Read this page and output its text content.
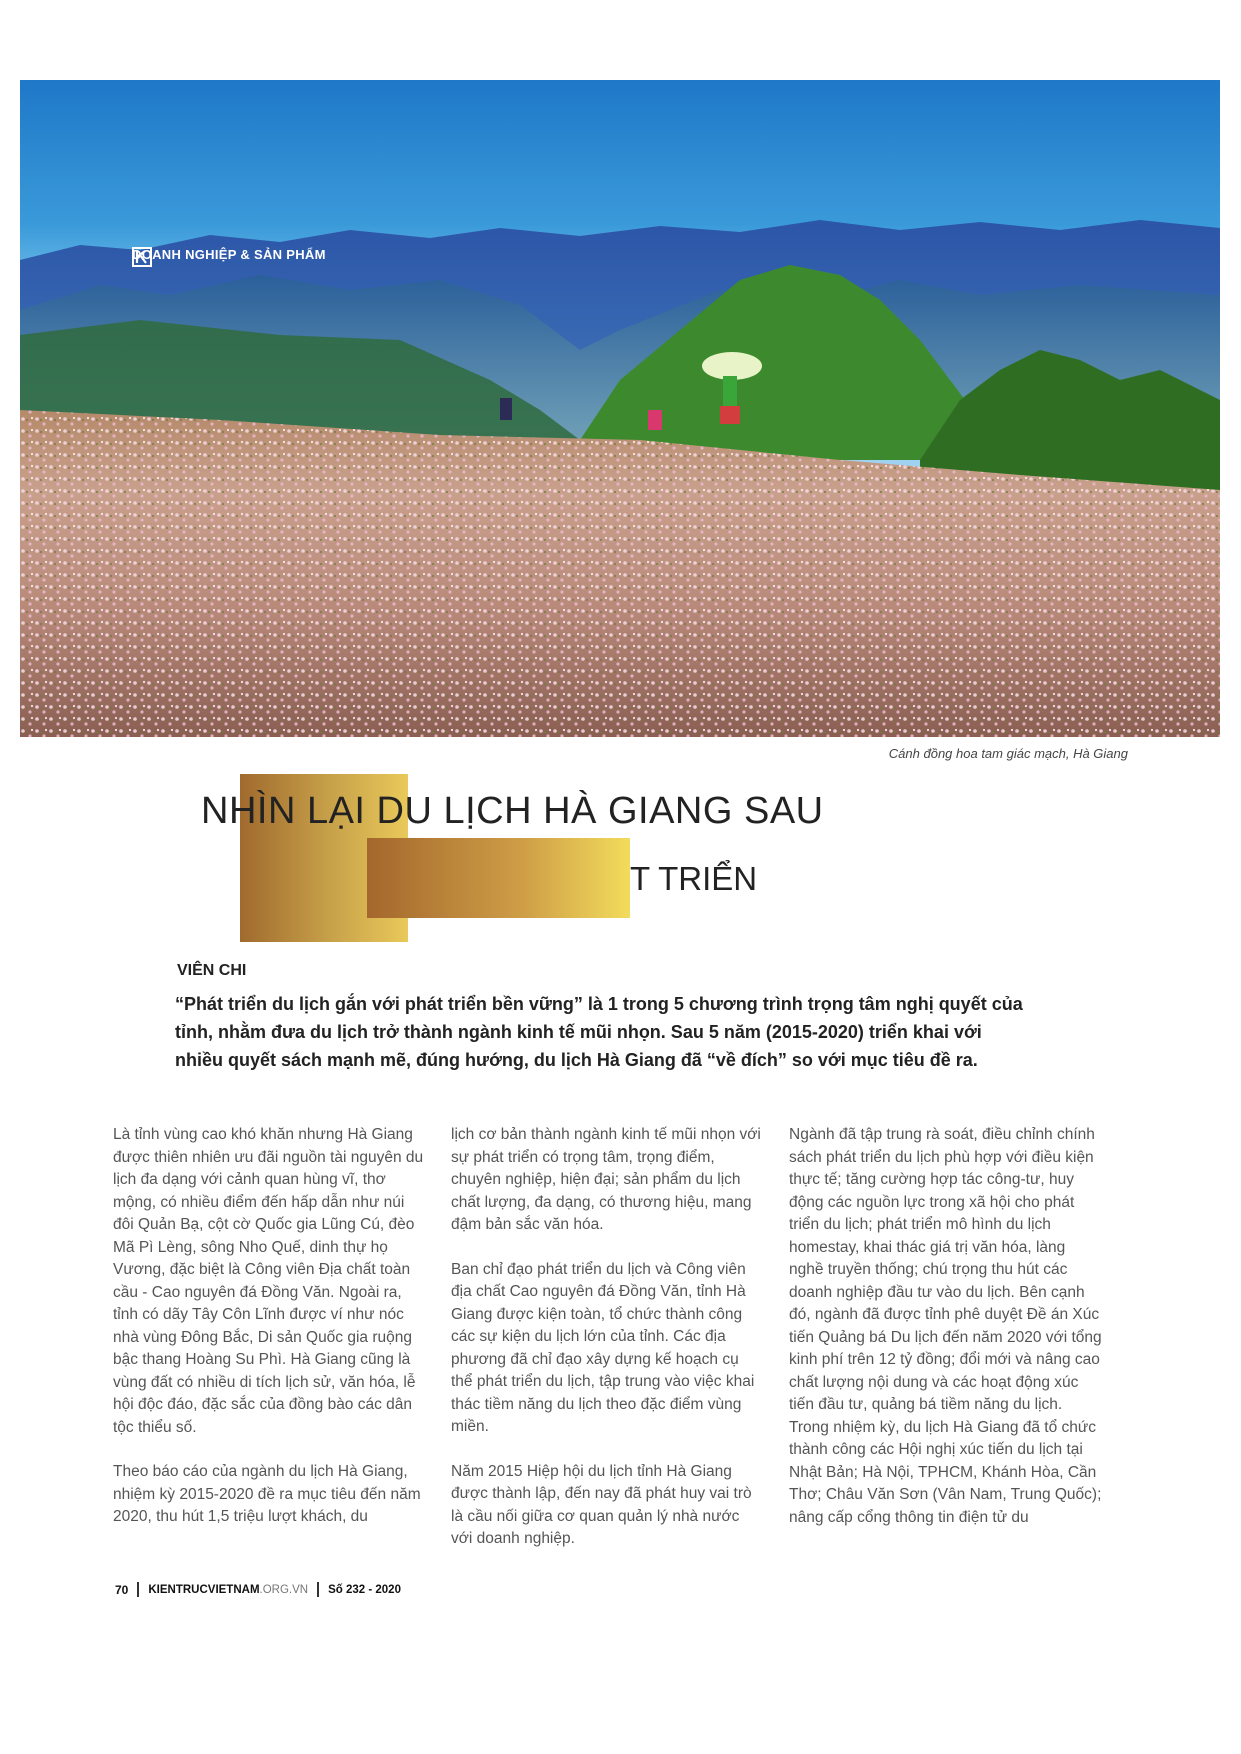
DOANH NGHIỆP & SẢN PHẨM
Cánh đồng hoa tam giác mạch, Hà Giang
NHÌN LẠI DU LỊCH HÀ GIANG SAU
T TRIỂN
VIÊN CHI
“Phát triển du lịch gắn với phát triển bền vững” là 1 trong 5 chương trình trọng tâm nghị quyết của tỉnh, nhằm đưa du lịch trở thành ngành kinh tế mũi nhọn. Sau 5 năm (2015-2020) triển khai với nhiều quyết sách mạnh mẽ, đúng hướng, du lịch Hà Giang đã “về đích” so với mục tiêu đề ra.

Là tỉnh vùng cao khó khăn nhưng Hà Giang được thiên nhiên ưu đãi nguồn tài nguyên du lịch đa dạng với cảnh quan hùng vĩ, thơ mộng, có nhiều điểm đến hấp dẫn như núi đôi Quản Bạ, cột cờ Quốc gia Lũng Cú, đèo Mã Pì Lèng, sông Nho Quế, dinh thự họ Vương, đặc biệt là Công viên Địa chất toàn cầu - Cao nguyên đá Đồng Văn. Ngoài ra, tỉnh có dãy Tây Côn Lĩnh được ví như nóc nhà vùng Đông Bắc, Di sản Quốc gia ruộng bậc thang Hoàng Su Phì. Hà Giang cũng là vùng đất có nhiều di tích lịch sử, văn hóa, lễ hội độc đáo, đặc sắc của đồng bào các dân tộc thiểu số.

Theo báo cáo của ngành du lịch Hà Giang, nhiệm kỳ 2015-2020 đề ra mục tiêu đến năm 2020, thu hút 1,5 triệu lượt khách, du

lịch cơ bản thành ngành kinh tế mũi nhọn với sự phát triển có trọng tâm, trọng điểm, chuyên nghiệp, hiện đại; sản phẩm du lịch chất lượng, đa dạng, có thương hiệu, mang đậm bản sắc văn hóa.

Ban chỉ đạo phát triển du lịch và Công viên địa chất Cao nguyên đá Đồng Văn, tỉnh Hà Giang được kiện toàn, tổ chức thành công các sự kiện du lịch lớn của tỉnh. Các địa phương đã chỉ đạo xây dựng kế hoạch cụ thể phát triển du lịch, tập trung vào việc khai thác tiềm năng du lịch theo đặc điểm vùng miền.

Năm 2015 Hiệp hội du lịch tỉnh Hà Giang được thành lập, đến nay đã phát huy vai trò là cầu nối giữa cơ quan quản lý nhà nước với doanh nghiệp.

Ngành đã tập trung rà soát, điều chỉnh chính sách phát triển du lịch phù hợp với điều kiện thực tế; tăng cường hợp tác công-tư, huy động các nguồn lực trong xã hội cho phát triển du lịch; phát triển mô hình du lịch homestay, khai thác giá trị văn hóa, làng nghề truyền thống; chú trọng thu hút các doanh nghiệp đầu tư vào du lịch. Bên cạnh đó, ngành đã được tỉnh phê duyệt Đề án Xúc tiến Quảng bá Du lịch đến năm 2020 với tổng kinh phí trên 12 tỷ đồng; đổi mới và nâng cao chất lượng nội dung và các hoạt động xúc tiến đầu tư, quảng bá tiềm năng du lịch. Trong nhiệm kỳ, du lịch Hà Giang đã tổ chức thành công các Hội nghị xúc tiến du lịch tại Nhật Bản; Hà Nội, TPHCM, Khánh Hòa, Cần Thơ; Châu Văn Sơn (Vân Nam, Trung Quốc); nâng cấp cổng thông tin điện tử du

70 KIENTRUCVIETNAM .ORG.VN Số 232 - 2020
